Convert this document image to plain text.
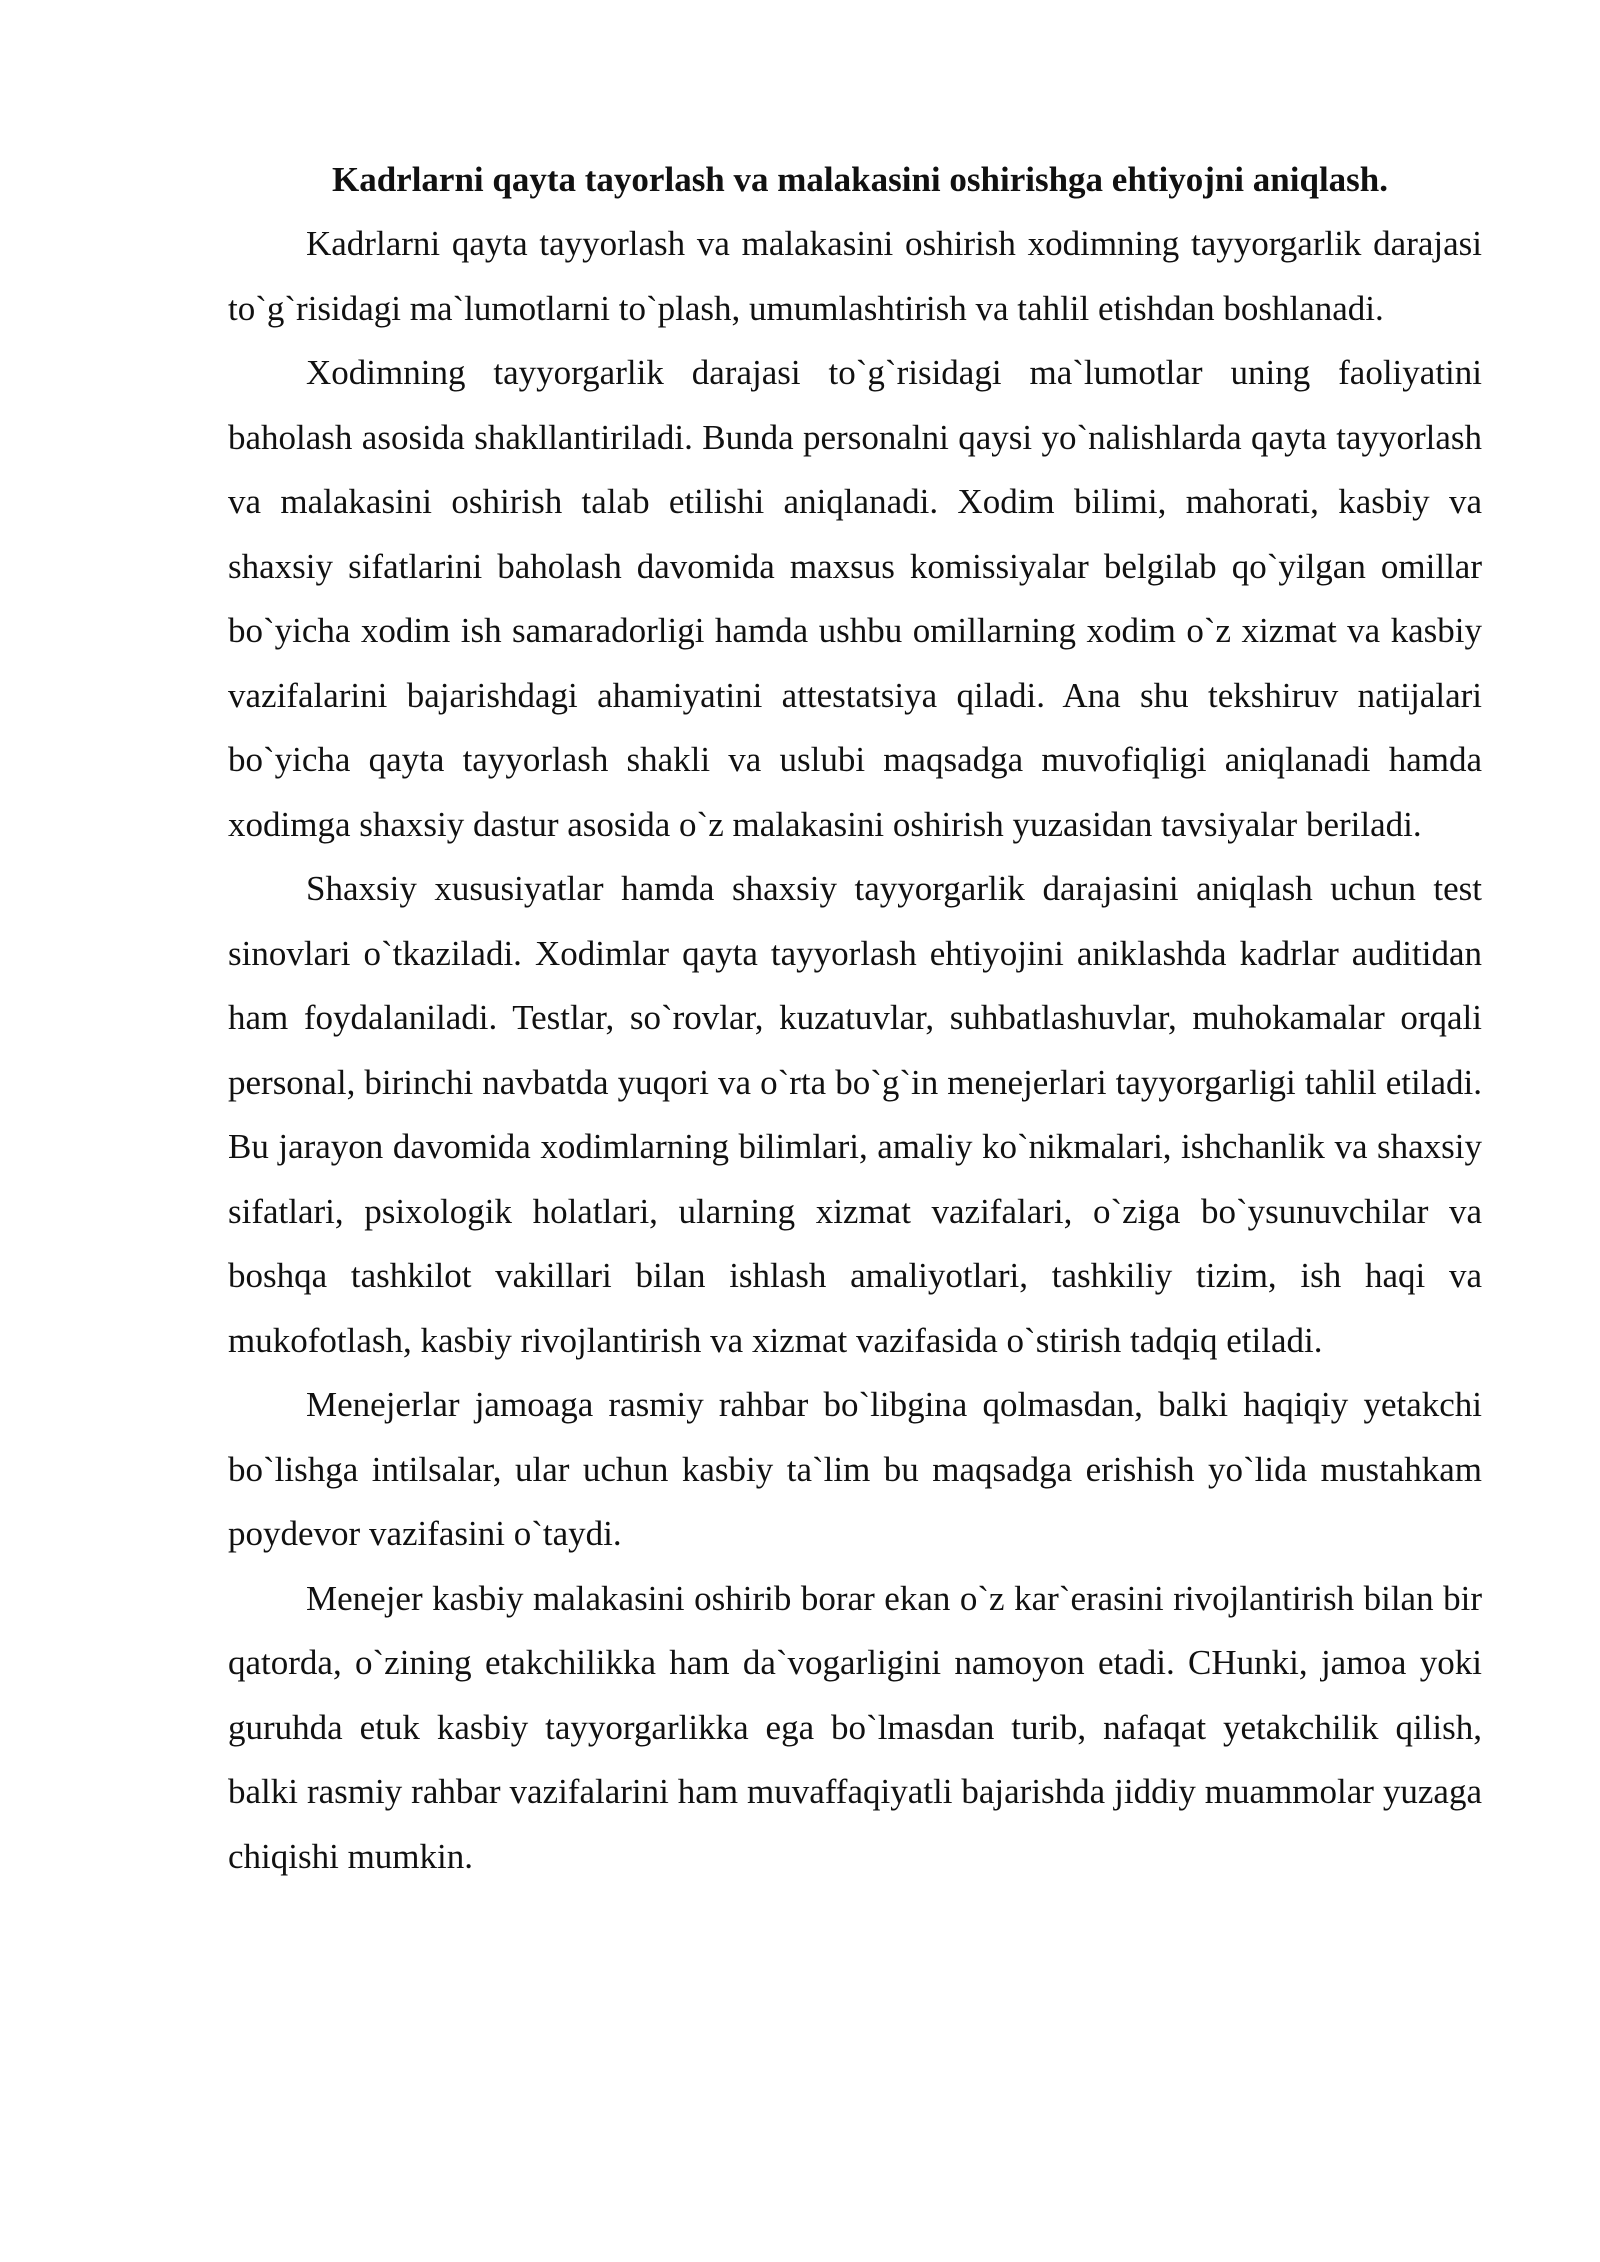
Kadrlarni qayta tayorlash va malakasini oshirishga ehtiyojni aniqlash.

Kadrlarni qayta tayyorlash va malakasini oshirish xodimning tayyorgarlik darajasi to`g`risidagi ma`lumotlarni to`plash, umumlashtirish va tahlil etishdan boshlanadi.

Xodimning tayyorgarlik darajasi to`g`risidagi ma`lumotlar uning faoliyatini baholash asosida shakllantiriladi. Bunda personalni qaysi yo`nalishlarda qayta tayyorlash va malakasini oshirish talab etilishi aniqlanadi. Xodim bilimi, mahorati, kasbiy va shaxsiy sifatlarini baholash davomida maxsus komissiyalar belgilab qo`yilgan omillar bo`yicha xodim ish samaradorligi hamda ushbu omillarning xodim o`z xizmat va kasbiy vazifalarini bajarishdagi ahamiyatini attestatsiya qiladi. Ana shu tekshiruv natijalari bo`yicha qayta tayyorlash shakli va uslubi maqsadga muvofiqligi aniqlanadi hamda xodimga shaxsiy dastur asosida o`z malakasini oshirish yuzasidan tavsiyalar beriladi.

Shaxsiy xususiyatlar hamda shaxsiy tayyorgarlik darajasini aniqlash uchun test sinovlari o`tkaziladi. Xodimlar qayta tayyorlash ehtiyojini aniklashda kadrlar auditidan ham foydalaniladi. Testlar, so`rovlar, kuzatuvlar, suhbatlashuvlar, muhokamalar orqali personal, birinchi navbatda yuqori va o`rta bo`g`in menejerlari tayyorgarligi tahlil etiladi. Bu jarayon davomida xodimlarning bilimlari, amaliy ko`nikmalari, ishchanlik va shaxsiy sifatlari, psixologik holatlari, ularning xizmat vazifalari, o`ziga bo`ysunuvchilar va boshqa tashkilot vakillari bilan ishlash amaliyotlari, tashkiliy tizim, ish haqi va mukofotlash, kasbiy rivojlantirish va xizmat vazifasida o`stirish tadqiq etiladi.

Menejerlar jamoaga rasmiy rahbar bo`libgina qolmasdan, balki haqiqiy yetakchi bo`lishga intilsalar, ular uchun kasbiy ta`lim bu maqsadga erishish yo`lida mustahkam poydevor vazifasini o`taydi.

Menejer kasbiy malakasini oshirib borar ekan o`z kar`erasini rivojlantirish bilan bir qatorda, o`zining etakchilikka ham da`vogarligini namoyon etadi. CHunki, jamoa yoki guruhda etuk kasbiy tayyorgarlikka ega bo`lmasdan turib, nafaqat yetakchilik qilish, balki rasmiy rahbar vazifalarini ham muvaffaqiyatli bajarishda jiddiy muammolar yuzaga chiqishi mumkin.
